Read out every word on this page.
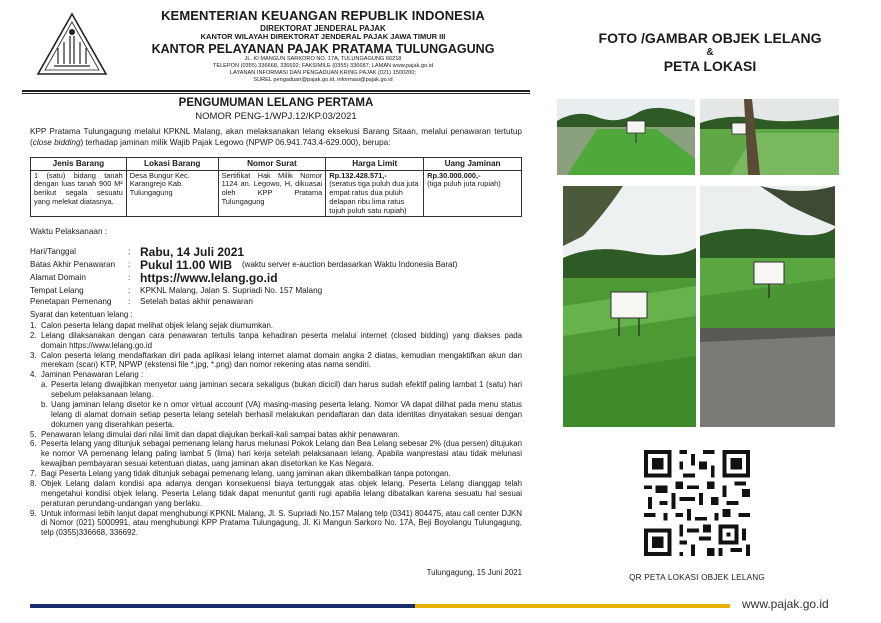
KEMENTERIAN KEUANGAN REPUBLIK INDONESIA
DIREKTORAT JENDERAL PAJAK
KANTOR WILAYAH DIREKTORAT JENDERAL PAJAK JAWA TIMUR III
KANTOR PELAYANAN PAJAK PRATAMA TULUNGAGUNG
JL. KI MANGUN SARKORO NO. 17A, TULUNGAGUNG 66218
TELEPON (0355) 336668, 336692; FAKSIMILE (0355) 336687; LAMAN www.pajak.go.id
LAYANAN INFORMASI DAN PENGADUAN KRING PAJAK (021) 1500200;
SUREL pengaduan@pajak.go.id, informasi@pajak.go.id
FOTO /GAMBAR OBJEK LELANG
&
PETA LOKASI
PENGUMUMAN LELANG PERTAMA
NOMOR PENG-1/WPJ.12/KP.03/2021
KPP Pratama Tulungagung melalui KPKNL Malang, akan melaksanakan lelang eksekusi Barang Sitaan, melalui penawaran tertutup (close bidding) terhadap jaminan milik Wajib Pajak Legowo (NPWP 06.941.743.4-629.000), berupa:
Jenis Barang	Lokasi Barang	Nomor Surat	Harga Limit	Uang Jaminan
1 (satu) bidang tanah dengan luas tanah 900 M² berikut segala sesuatu yang melekat diatasnya.	Desa Bungur Kec. Karangrejo Kab. Tulungagung	Sertifikat Hak Milik Nomor 1124 an. Legowo, H, dikuasai oleh KPP Pratama Tulungagung	Rp.132.428.571,-
(seratus tiga puluh dua juta empat ratus dua puluh delapan ribu lima ratus tujuh puluh satu rupiah)	Rp.30.000.000,-
(tiga puluh juta rupiah)
Waktu Pelaksanaan :
Hari/Tanggal	: Rabu, 14 Juli 2021
Batas Akhir Penawaran : Pukul 11.00 WIB (waktu server e-auction berdasarkan Waktu Indonesia Barat)
Alamat Domain	: https://www.lelang.go.id
Tempat Lelang	: KPKNL Malang, Jalan S. Supriadi No. 157 Malang
Penetapan Pemenang : Setelah batas akhir penawaran
Syarat dan ketentuan lelang :
1. Calon peserta lelang dapat melihat objek lelang sejak diumumkan.
2. Lelang dilaksanakan dengan cara penawaran tertulis tanpa kehadiran peserta melalui internet (closed bidding) yang diakses pada domain https://www.lelang.go.id
3. Calon peserta lelang mendaftarkan diri pada aplikasi lelang internet alamat domain angka 2 diatas, kemudian mengaktifkan akun dan merekam (scan) KTP, NPWP (ekstensi file *.jpg, *.png) dan nomor rekening atas nama sendiri.
4. Jaminan Penawaran Lelang :
a. Peserta lelang diwajibkan menyetor uang jaminan secara sekaligus (bukan dicicil) dan harus sudah efektif paling lambat 1 (satu) hari sebelum pelaksanaan lelang.
b. Uang jaminan lelang disetor ke n omor virtual account (VA) masing-masing peserta lelang. Nomor VA dapat dilihat pada menu status lelang di alamat domain setiap peserta lelang setelah berhasil melakukan pendaftaran dan data identitas dinyatakan sesuai dengan dokumen yang diserahkan peserta.
5. Penawaran lelang dimulai dari nilai limit dan dapat diajukan berkali-kali sampai batas akhir penawaran.
6. Peserta lelang yang ditunjuk sebagai pemenang lelang harus melunasi Pokok Lelang dan Bea Lelang sebesar 2% (dua persen) ditujukan ke nomor VA pemenang lelang paling lambat 5 (lima) hari kerja setelah pelaksanaan lelang. Apabila wanprestasi atau tidak melunasi kewajiban pembayaran sesuai ketentuan diatas, uang jaminan akan disetorkan ke Kas Negara.
7. Bagi Peserta Lelang yang tidak ditunjuk sebagai pemenang lelang, uang jaminan akan dikembalikan tanpa potongan.
8. Objek Lelang dalam kondisi apa adanya dengan konsekuensi biaya tertunggak atas objek lelang. Peserta Lelang dianggap telah mengetahui kondisi objek lelang. Peserta Lelang tidak dapat menuntut ganti rugi apabila lelang dibatalkan karena sesuatu hal sesuai peraturan perundang-undangan yang berlaku.
9. Untuk informasi lebih lanjut dapat menghubungi KPKNL Malang, Jl. S. Supriadi No.157 Malang telp (0341) 804475, atau call center DJKN di Nomor (021) 5000991, atau menghubungi KPP Pratama Tulungagung, Jl. Ki Mangun Sarkoro No. 17A, Beji Boyolangu Tulungagung, telp (0355)336668, 336692.
Tulungagung, 15 Juni 2021
QR PETA LOKASI OBJEK LELANG
www.pajak.go.id
